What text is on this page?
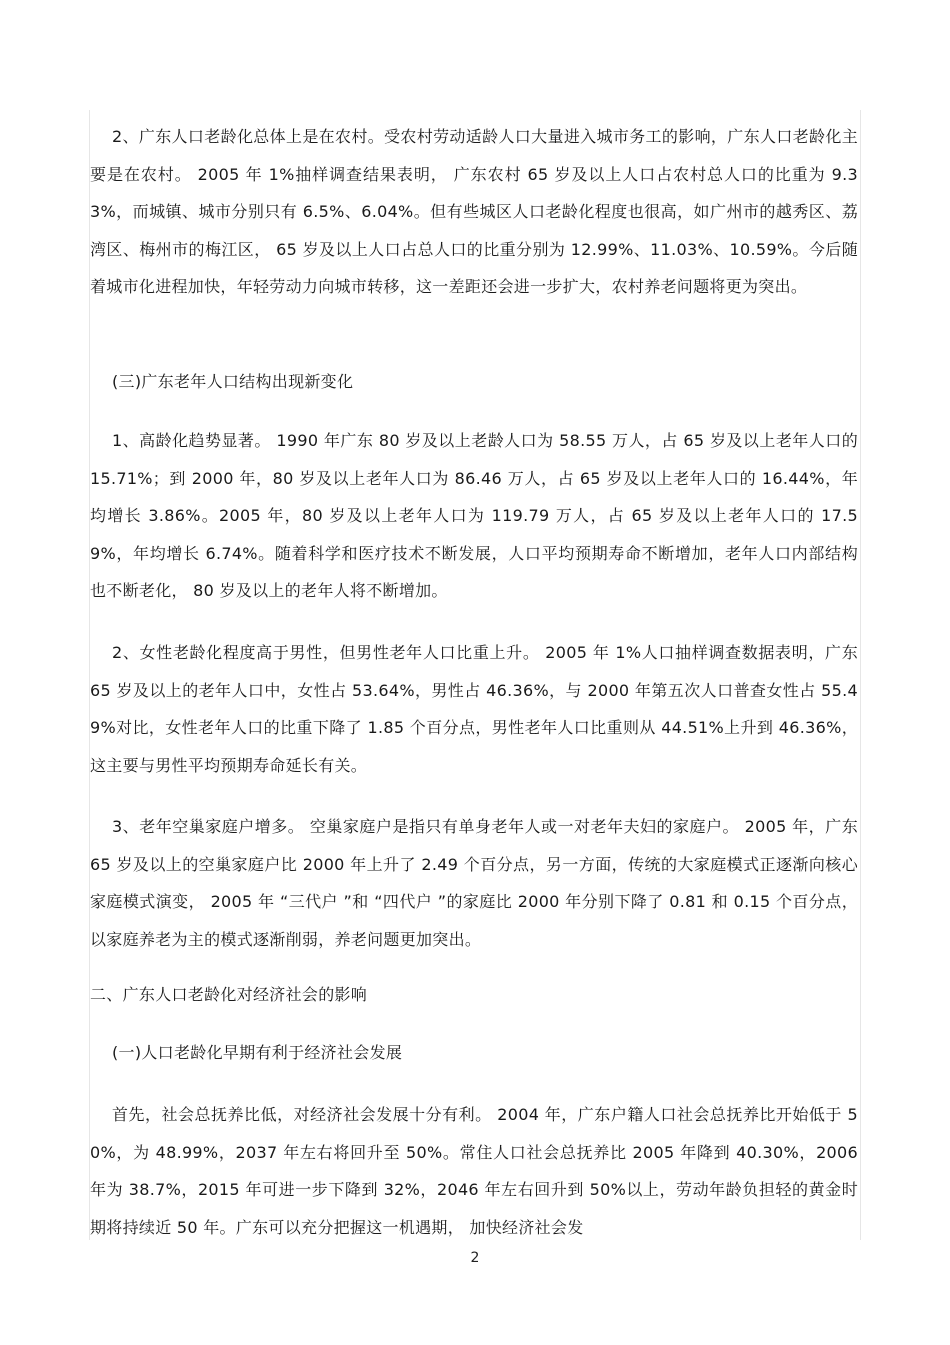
2、广东人口老龄化总体上是在农村。受农村劳动适龄人口大量进入城市务工的影响，广东人口老龄化主要是在农村。 2005 年 1%抽样调查结果表明， 广东农村 65 岁及以上人口占农村总人口的比重为 9.33%，而城镇、城市分别只有 6.5%、6.04%。但有些城区人口老龄化程度也很高，如广州市的越秀区、荔湾区、梅州市的梅江区， 65 岁及以上人口占总人口的比重分别为 12.99%、11.03%、10.59%。今后随着城市化进程加快，年轻劳动力向城市转移，这一差距还会进一步扩大，农村养老问题将更为突出。

(三)广东老年人口结构出现新变化

1、高龄化趋势显著。 1990 年广东 80 岁及以上老龄人口为 58.55 万人，占 65 岁及以上老年人口的 15.71%；到 2000 年，80 岁及以上老年人口为 86.46 万人，占 65 岁及以上老年人口的 16.44%，年均增长 3.86%。2005 年，80 岁及以上老年人口为 119.79 万人，占 65 岁及以上老年人口的 17.59%，年均增长 6.74%。随着科学和医疗技术不断发展，人口平均预期寿命不断增加，老年人口内部结构也不断老化， 80 岁及以上的老年人将不断增加。

2、女性老龄化程度高于男性，但男性老年人口比重上升。 2005 年 1%人口抽样调查数据表明，广东 65 岁及以上的老年人口中，女性占 53.64%，男性占 46.36%，与 2000 年第五次人口普查女性占 55.49%对比，女性老年人口的比重下降了 1.85 个百分点，男性老年人口比重则从 44.51%上升到 46.36%，这主要与男性平均预期寿命延长有关。

3、老年空巢家庭户增多。 空巢家庭户是指只有单身老年人或一对老年夫妇的家庭户。 2005 年，广东 65 岁及以上的空巢家庭户比 2000 年上升了 2.49 个百分点，另一方面，传统的大家庭模式正逐渐向核心家庭模式演变， 2005 年 “三代户 ”和 “四代户 ”的家庭比 2000 年分别下降了 0.81 和 0.15 个百分点，以家庭养老为主的模式逐渐削弱，养老问题更加突出。

二、广东人口老龄化对经济社会的影响
(一)人口老龄化早期有利于经济社会发展

首先，社会总抚养比低，对经济社会发展十分有利。 2004 年，广东户籍人口社会总抚养比开始低于 50%，为 48.99%，2037 年左右将回升至 50%。常住人口社会总抚养比 2005 年降到 40.30%，2006 年为 38.7%，2015 年可进一步下降到 32%，2046 年左右回升到 50%以上，劳动年龄负担轻的黄金时期将持续近 50 年。广东可以充分把握这一机遇期， 加快经济社会发

2
